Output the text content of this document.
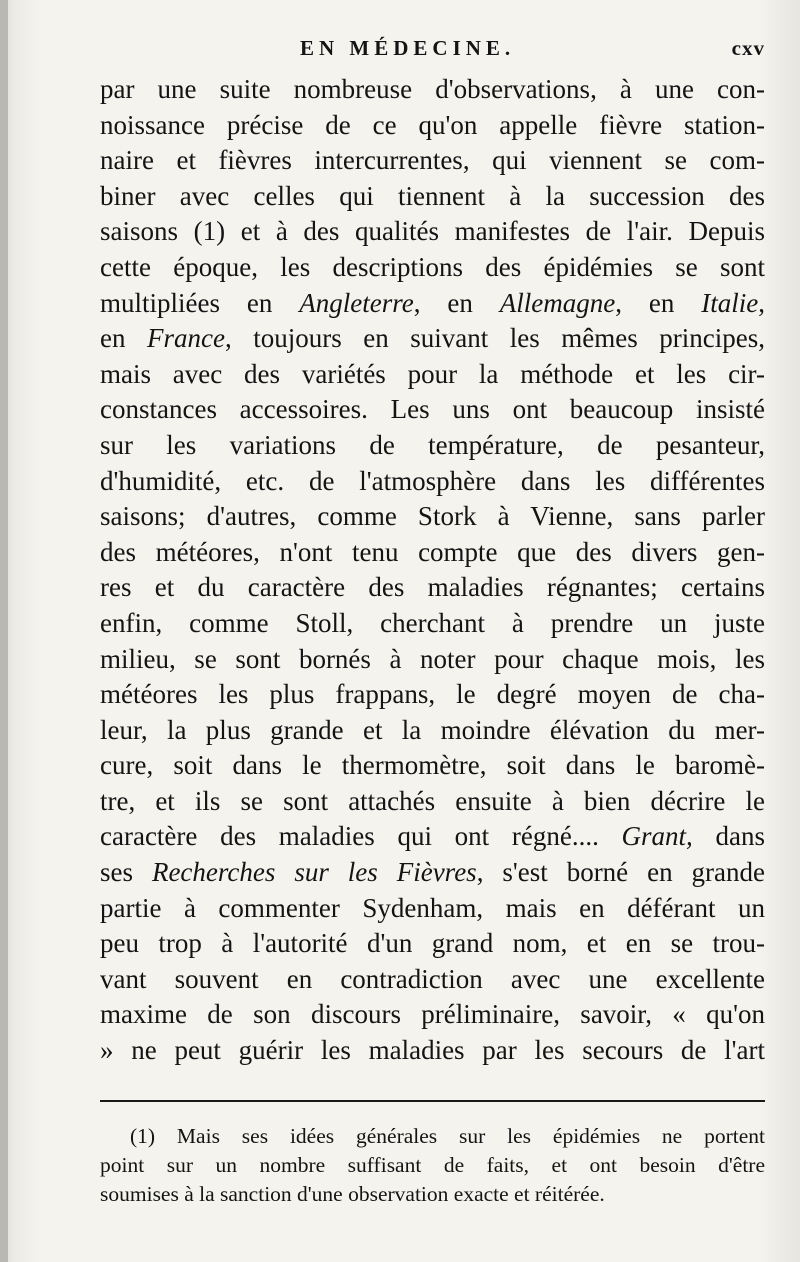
EN MÉDECINE.	cxv
par une suite nombreuse d'observations, à une con-
noissance précise de ce qu'on appelle fièvre station-
naire et fièvres intercurrentes, qui viennent se com-
biner avec celles qui tiennent à la succession des
saisons (1) et à des qualités manifestes de l'air. Depuis
cette époque, les descriptions des épidémies se sont
multipliées en Angleterre, en Allemagne, en Italie,
en France, toujours en suivant les mêmes principes,
mais avec des variétés pour la méthode et les cir-
constances accessoires. Les uns ont beaucoup insisté
sur les variations de température, de pesanteur,
d'humidité, etc. de l'atmosphère dans les différentes
saisons; d'autres, comme Stork à Vienne, sans parler
des météores, n'ont tenu compte que des divers gen-
res et du caractère des maladies régnantes; certains
enfin, comme Stoll, cherchant à prendre un juste
milieu, se sont bornés à noter pour chaque mois, les
météores les plus frappans, le degré moyen de cha-
leur, la plus grande et la moindre élévation du mer-
cure, soit dans le thermomètre, soit dans le baromè-
tre, et ils se sont attachés ensuite à bien décrire le
caractère des maladies qui ont régné.... Grant, dans
ses Recherches sur les Fièvres, s'est borné en grande
partie à commenter Sydenham, mais en déférant un
peu trop à l'autorité d'un grand nom, et en se trou-
vant souvent en contradiction avec une excellente
maxime de son discours préliminaire, savoir, « qu'on
» ne peut guérir les maladies par les secours de l'art
(1) Mais ses idées générales sur les épidémies ne portent
point sur un nombre suffisant de faits, et ont besoin d'être
soumises à la sanction d'une observation exacte et réitérée.
